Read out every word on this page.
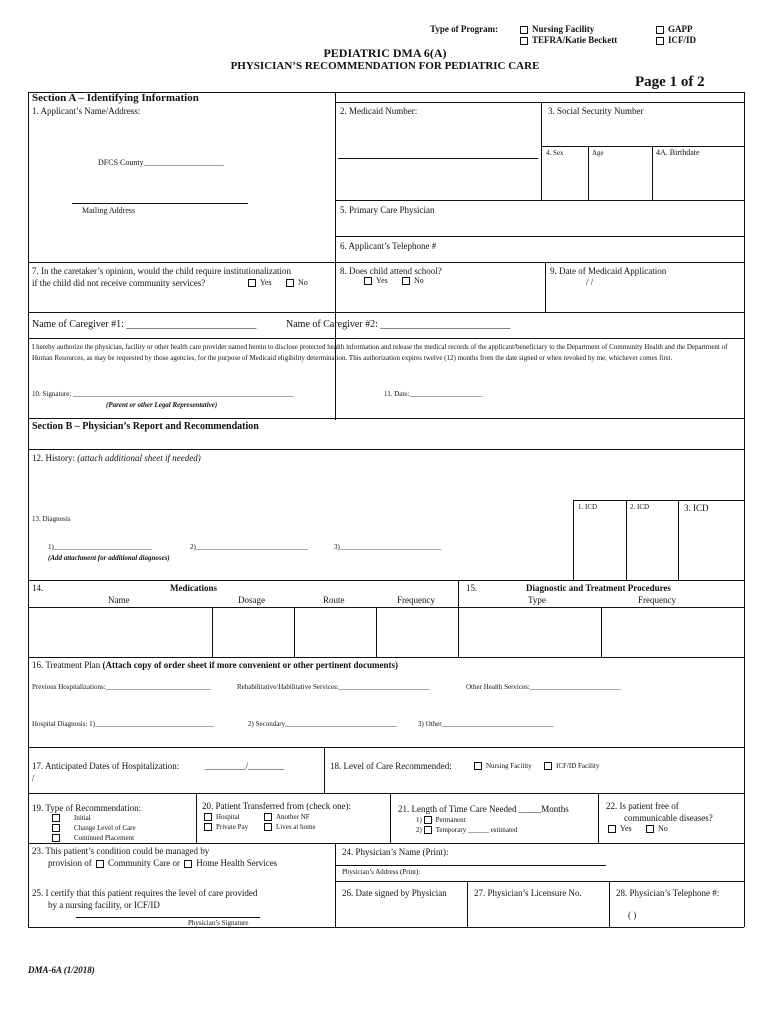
Type of Program:	Nursing Facility
TEFRA/Katie Beckett
GAPP
ICF/ID
PEDIATRIC DMA 6(A)
PHYSICIAN’S RECOMMENDATION FOR PEDIATRIC CARE
Page 1 of 2
Section A – Identifying Information
1. Applicant’s Name/Address:
DFCS County____________________
Mailing Address
2. Medicaid Number:	3. Social Security Number
4. Sex	Age	4A. Birthdate
5. Primary Care Physician
6. Applicant’s Telephone #
7. In the caretaker’s opinion, would the child require institutionalization
if the child did not receive community services?	Yes	No
8. Does child attend school?
Yes	No
9. Date of Medicaid Application
/ /
Name of Caregiver #1: __________________________	Name of Caregiver #2: __________________________
I hereby authorize the physician, facility or other health care provider named herein to disclose protected health information and release the medical records of the applicant/beneficiary to the Department of Community Health and the Department of Human Resources, as may be requested by those agencies, for the purpose of Medicaid eligibility determination. This authorization expires twelve (12) months from the date signed or when revoked by me, whichever comes first.
10. Signature: _______________________________________________________________
(Parent or other Legal Representative)
11. Date:_____________________
Section B – Physician’s Report and Recommendation
12. History: (attach additional sheet if needed)
1. ICD	2. ICD	3. ICD
13. Diagnosis
1)____________________________	2)________________________________	3)_____________________________
(Add attachment for additional diagnoses)
14.	Medications
Name	Dosage	Route	Frequency
15.	Diagnostic and Treatment Procedures
Type	Frequency
16. Treatment Plan (Attach copy of order sheet if more convenient or other pertinent documents)
Previous Hospitalizations:______________________________	Rehabilitative/Habilitative Services:__________________________	Other Health Services:__________________________
Hospital Diagnosis: 1)__________________________________	2) Secondary________________________________	3) Other________________________________
17. Anticipated Dates of Hospitalization:	_________/________
/
18. Level of Care Recommended:	Nursing Facility	ICF/ID Facility
19. Type of Recommendation:
Initial
Change Level of Care
Continued Placement
20. Patient Transferred from (check one):
Hospital
Private Pay
Another NF
Lives at home
21. Length of Time Care Needed _____Months
1) Permanent
2) Temporary ______ estimated
22. Is patient free of
communicable diseases?
Yes	No
23. This patient’s condition could be managed by
provision of Community Care or Home Health Services
24. Physician’s Name (Print):
Physician’s Address (Print):
25. I certify that this patient requires the level of care provided
by a nursing facility, or ICF/ID
Physician’s Signature
26. Date signed by Physician	27. Physician’s Licensure No.	28. Physician’s Telephone #:
( )
DMA-6A (1/2018)
